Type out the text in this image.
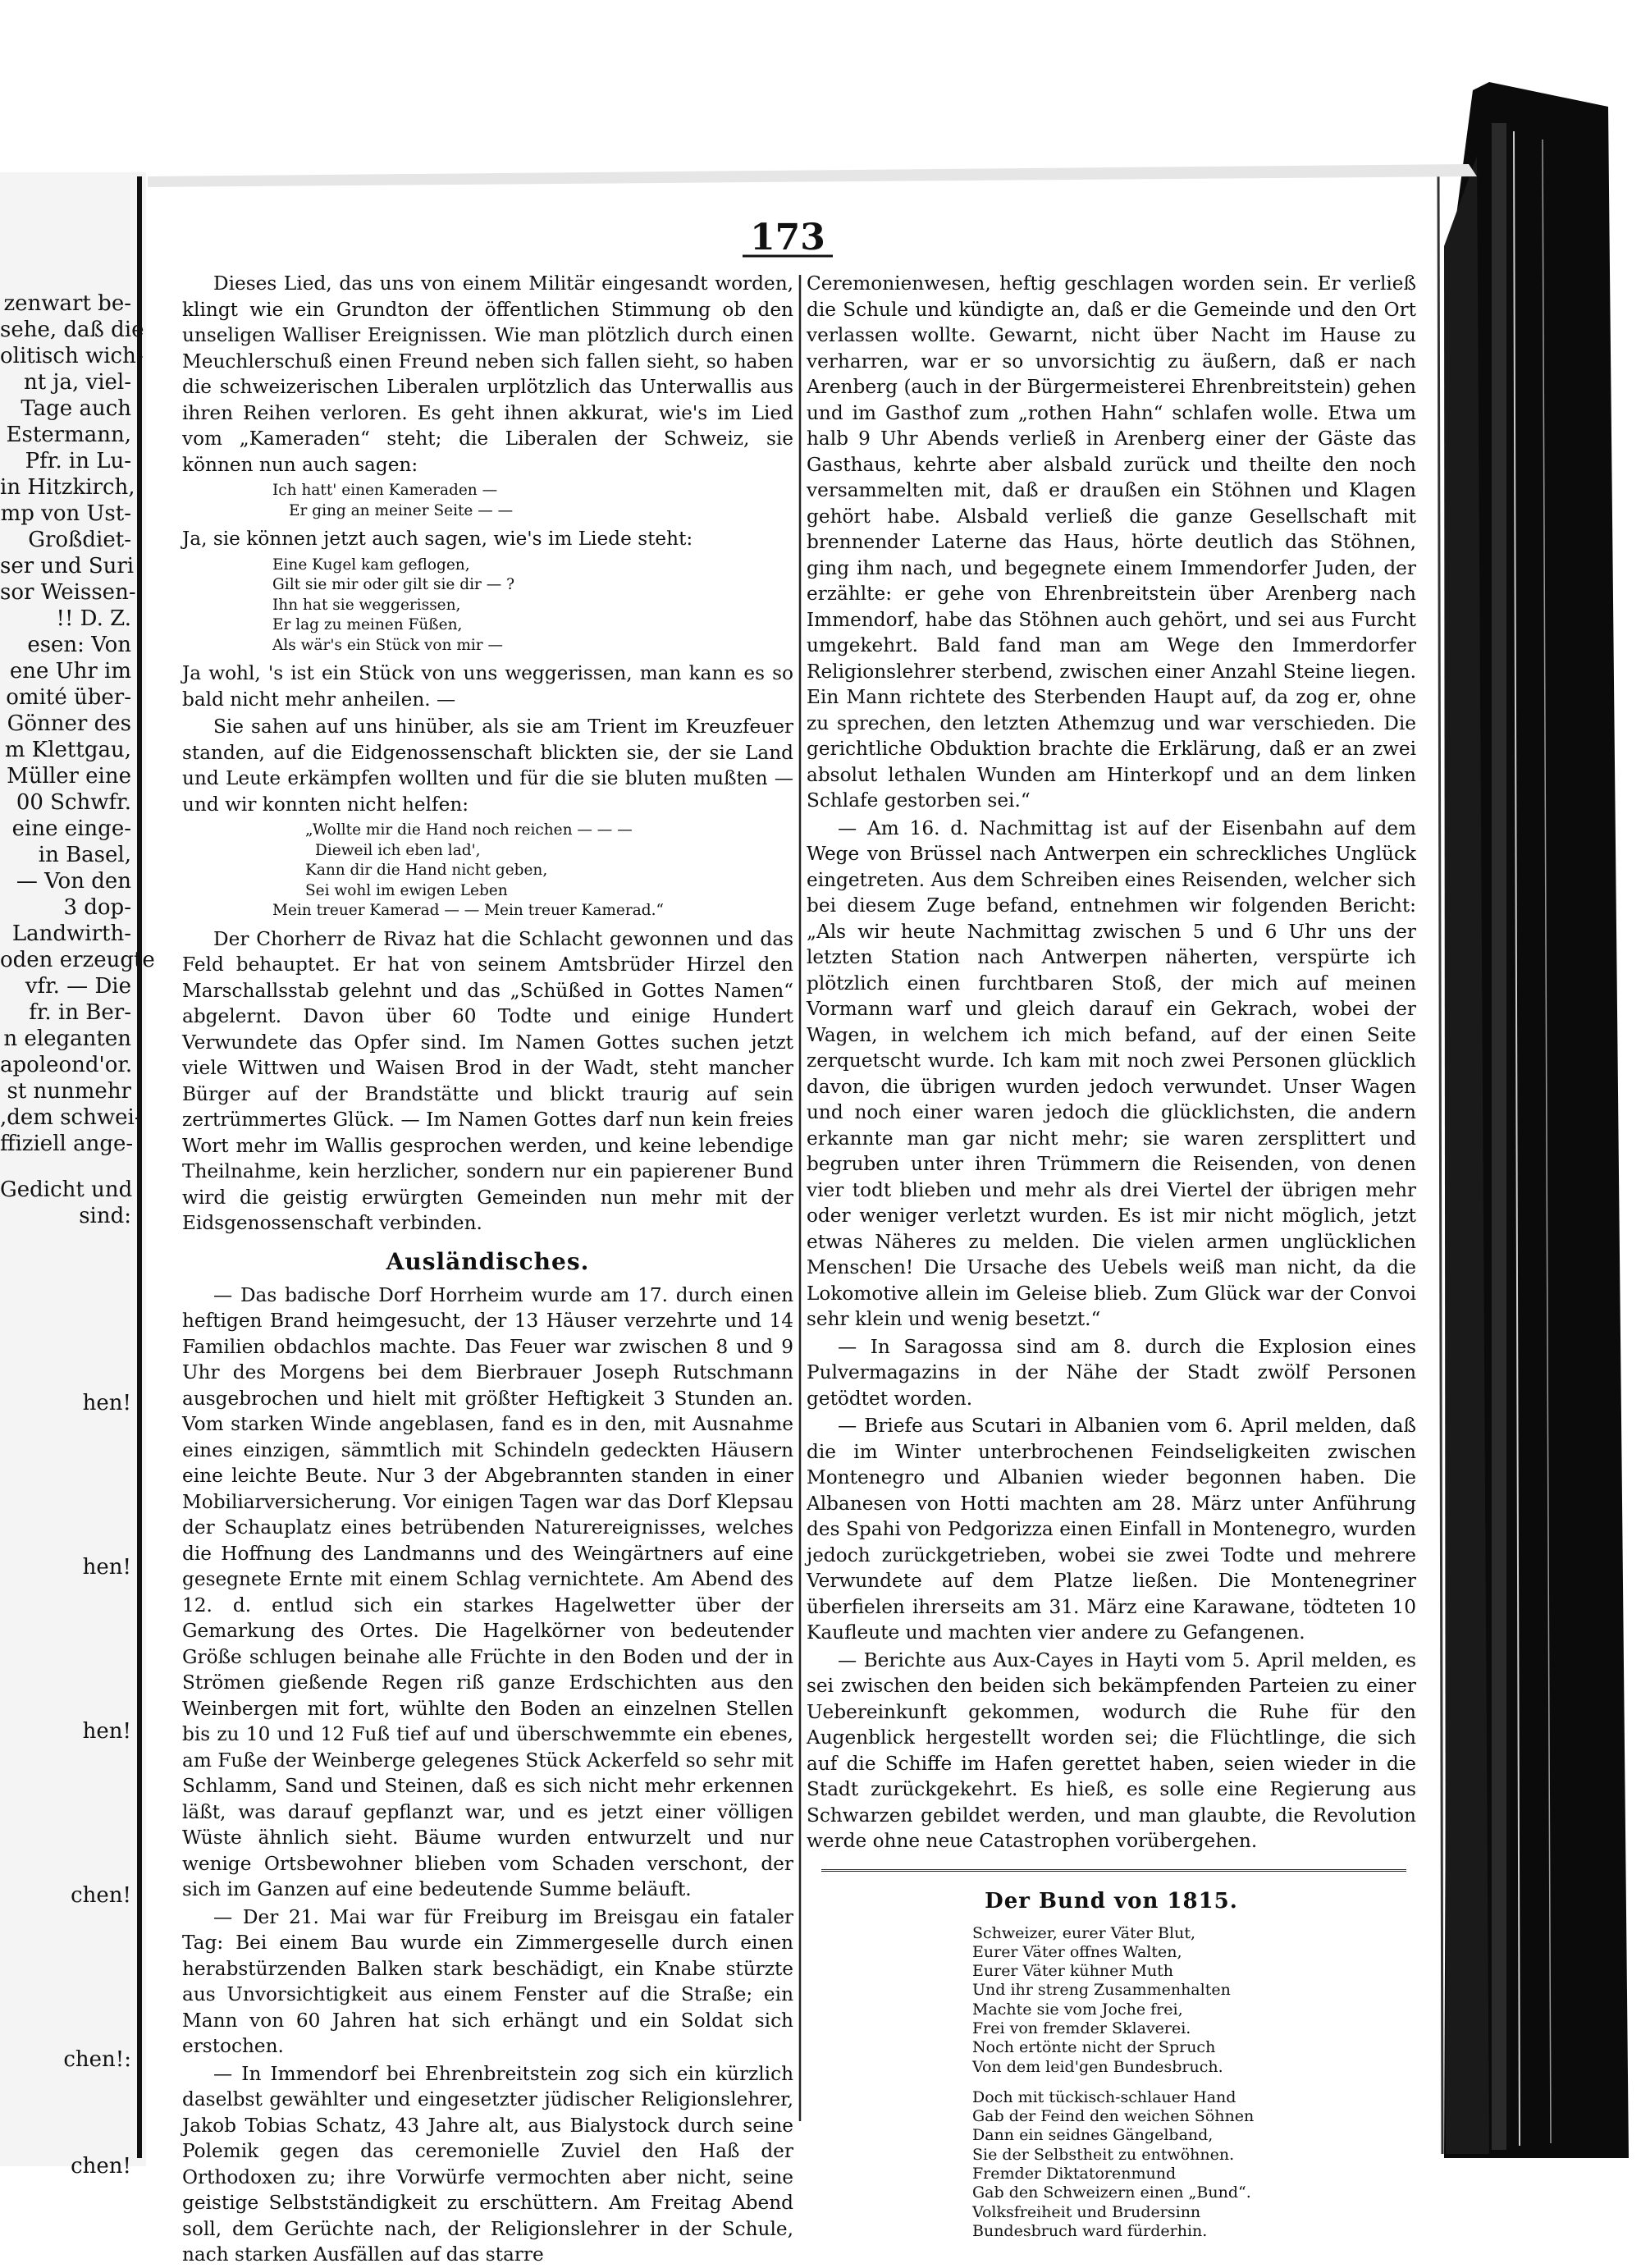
zenwart be-
sehe, daß die
olitisch wich-
nt ja, viel-
Tage auch
Estermann,
Pfr. in Lu-
in Hitzkirch,
mp von Ust-
Großdiet-
ser und Suri
sor Weissen-
!! D. Z.
esen: Von
ene Uhr im
omité über-
Gönner des
m Klettgau,
Müller eine
00 Schwfr.
eine einge-
in Basel,
— Von den
3 dop-
Landwirth-
oden erzeugte
vfr. — Die
fr. in Ber-
n eleganten
apoleond'or.
st nunmehr
,dem schwei-
ffiziell ange-
Gedicht und
sind:
hen!
hen!
hen!
chen!
chen!:
chen!
173

Dieses Lied, das uns von einem Militär eingesandt worden, klingt wie ein Grundton der öffentlichen Stimmung ob den unseligen Walliser Ereignissen. Wie man plötzlich durch einen Meuchlerschuß einen Freund neben sich fallen sieht, so haben die schweizerischen Liberalen urplötzlich das Unterwallis aus ihren Reihen verloren. Es geht ihnen akkurat, wie's im Lied vom „Kameraden“ steht; die Liberalen der Schweiz, sie können nun auch sagen:

Ich hatt' einen Kameraden —
Er ging an meiner Seite — —

Ja, sie können jetzt auch sagen, wie's im Liede steht:

Eine Kugel kam geflogen,
Gilt sie mir oder gilt sie dir — ?
Ihn hat sie weggerissen,
Er lag zu meinen Füßen,
Als wär's ein Stück von mir —

Ja wohl, 's ist ein Stück von uns weggerissen, man kann es so bald nicht mehr anheilen. —

Sie sahen auf uns hinüber, als sie am Trient im Kreuzfeuer standen, auf die Eidgenossenschaft blickten sie, der sie Land und Leute erkämpfen wollten und für die sie bluten mußten — und wir konnten nicht helfen:

„Wollte mir die Hand noch reichen — — —
Dieweil ich eben lad',
Kann dir die Hand nicht geben,
Sei wohl im ewigen Leben
Mein treuer Kamerad — — Mein treuer Kamerad.“

Der Chorherr de Rivaz hat die Schlacht gewonnen und das Feld behauptet. Er hat von seinem Amtsbrüder Hirzel den Marschallsstab gelehnt und das „Schüßed in Gottes Namen“ abgelernt. Davon über 60 Todte und einige Hundert Verwundete das Opfer sind. Im Namen Gottes suchen jetzt viele Wittwen und Waisen Brod in der Wadt, steht mancher Bürger auf der Brandstätte und blickt traurig auf sein zertrümmertes Glück. — Im Namen Gottes darf nun kein freies Wort mehr im Wallis gesprochen werden, und keine lebendige Theilnahme, kein herzlicher, sondern nur ein papierener Bund wird die geistig erwürgten Gemeinden nun mehr mit der Eidsgenossenschaft verbinden.

Ausländisches.

— Das badische Dorf Horrheim wurde am 17. durch einen heftigen Brand heimgesucht, der 13 Häuser verzehrte und 14 Familien obdachlos machte. Das Feuer war zwischen 8 und 9 Uhr des Morgens bei dem Bierbrauer Joseph Rutschmann ausgebrochen und hielt mit größter Heftigkeit 3 Stunden an. Vom starken Winde angeblasen, fand es in den, mit Ausnahme eines einzigen, sämmtlich mit Schindeln gedeckten Häusern eine leichte Beute. Nur 3 der Abgebrannten standen in einer Mobiliarversicherung. Vor einigen Tagen war das Dorf Klepsau der Schauplatz eines betrübenden Naturereignisses, welches die Hoffnung des Landmanns und des Weingärtners auf eine gesegnete Ernte mit einem Schlag vernichtete. Am Abend des 12. d. entlud sich ein starkes Hagelwetter über der Gemarkung des Ortes. Die Hagelkörner von bedeutender Größe schlugen beinahe alle Früchte in den Boden und der in Strömen gießende Regen riß ganze Erdschichten aus den Weinbergen mit fort, wühlte den Boden an einzelnen Stellen bis zu 10 und 12 Fuß tief auf und überschwemmte ein ebenes, am Fuße der Weinberge gelegenes Stück Ackerfeld so sehr mit Schlamm, Sand und Steinen, daß es sich nicht mehr erkennen läßt, was darauf gepflanzt war, und es jetzt einer völligen Wüste ähnlich sieht. Bäume wurden entwurzelt und nur wenige Ortsbewohner blieben vom Schaden verschont, der sich im Ganzen auf eine bedeutende Summe beläuft.

— Der 21. Mai war für Freiburg im Breisgau ein fataler Tag: Bei einem Bau wurde ein Zimmergeselle durch einen herabstürzenden Balken stark beschädigt, ein Knabe stürzte aus Unvorsichtigkeit aus einem Fenster auf die Straße; ein Mann von 60 Jahren hat sich erhängt und ein Soldat sich erstochen.

— In Immendorf bei Ehrenbreitstein zog sich ein kürzlich daselbst gewählter und eingesetzter jüdischer Religionslehrer, Jakob Tobias Schatz, 43 Jahre alt, aus Bialystock durch seine Polemik gegen das ceremonielle Zuviel den Haß der Orthodoxen zu; ihre Vorwürfe vermochten aber nicht, seine geistige Selbstständigkeit zu erschüttern. Am Freitag Abend soll, dem Gerüchte nach, der Religionslehrer in der Schule, nach starken Ausfällen auf das starre

Ceremonienwesen, heftig geschlagen worden sein. Er verließ die Schule und kündigte an, daß er die Gemeinde und den Ort verlassen wollte. Gewarnt, nicht über Nacht im Hause zu verharren, war er so unvorsichtig zu äußern, daß er nach Arenberg (auch in der Bürgermeisterei Ehrenbreitstein) gehen und im Gasthof zum „rothen Hahn“ schlafen wolle. Etwa um halb 9 Uhr Abends verließ in Arenberg einer der Gäste das Gasthaus, kehrte aber alsbald zurück und theilte den noch versammelten mit, daß er draußen ein Stöhnen und Klagen gehört habe. Alsbald verließ die ganze Gesellschaft mit brennender Laterne das Haus, hörte deutlich das Stöhnen, ging ihm nach, und begegnete einem Immendorfer Juden, der erzählte: er gehe von Ehrenbreitstein über Arenberg nach Immendorf, habe das Stöhnen auch gehört, und sei aus Furcht umgekehrt. Bald fand man am Wege den Immerdorfer Religionslehrer sterbend, zwischen einer Anzahl Steine liegen. Ein Mann richtete des Sterbenden Haupt auf, da zog er, ohne zu sprechen, den letzten Athemzug und war verschieden. Die gerichtliche Obduktion brachte die Erklärung, daß er an zwei absolut lethalen Wunden am Hinterkopf und an dem linken Schlafe gestorben sei.“

— Am 16. d. Nachmittag ist auf der Eisenbahn auf dem Wege von Brüssel nach Antwerpen ein schreckliches Unglück eingetreten. Aus dem Schreiben eines Reisenden, welcher sich bei diesem Zuge befand, entnehmen wir folgenden Bericht: „Als wir heute Nachmittag zwischen 5 und 6 Uhr uns der letzten Station nach Antwerpen näherten, verspürte ich plötzlich einen furchtbaren Stoß, der mich auf meinen Vormann warf und gleich darauf ein Gekrach, wobei der Wagen, in welchem ich mich befand, auf der einen Seite zerquetscht wurde. Ich kam mit noch zwei Personen glücklich davon, die übrigen wurden jedoch verwundet. Unser Wagen und noch einer waren jedoch die glücklichsten, die andern erkannte man gar nicht mehr; sie waren zersplittert und begruben unter ihren Trümmern die Reisenden, von denen vier todt blieben und mehr als drei Viertel der übrigen mehr oder weniger verletzt wurden. Es ist mir nicht möglich, jetzt etwas Näheres zu melden. Die vielen armen unglücklichen Menschen! Die Ursache des Uebels weiß man nicht, da die Lokomotive allein im Geleise blieb. Zum Glück war der Convoi sehr klein und wenig besetzt.“

— In Saragossa sind am 8. durch die Explosion eines Pulvermagazins in der Nähe der Stadt zwölf Personen getödtet worden.

— Briefe aus Scutari in Albanien vom 6. April melden, daß die im Winter unterbrochenen Feindseligkeiten zwischen Montenegro und Albanien wieder begonnen haben. Die Albanesen von Hotti machten am 28. März unter Anführung des Spahi von Pedgorizza einen Einfall in Montenegro, wurden jedoch zurückgetrieben, wobei sie zwei Todte und mehrere Verwundete auf dem Platze ließen. Die Montenegriner überfielen ihrerseits am 31. März eine Karawane, tödteten 10 Kaufleute und machten vier andere zu Gefangenen.

— Berichte aus Aux-Cayes in Hayti vom 5. April melden, es sei zwischen den beiden sich bekämpfenden Parteien zu einer Uebereinkunft gekommen, wodurch die Ruhe für den Augenblick hergestellt worden sei; die Flüchtlinge, die sich auf die Schiffe im Hafen gerettet haben, seien wieder in die Stadt zurückgekehrt. Es hieß, es solle eine Regierung aus Schwarzen gebildet werden, und man glaubte, die Revolution werde ohne neue Catastrophen vorübergehen.

Der Bund von 1815.
Schweizer, eurer Väter Blut,
Eurer Väter offnes Walten,
Eurer Väter kühner Muth
Und ihr streng Zusammenhalten
Machte sie vom Joche frei,
Frei von fremder Sklaverei.
Noch ertönte nicht der Spruch
Von dem leid'gen Bundesbruch.
Doch mit tückisch-schlauer Hand
Gab der Feind den weichen Söhnen
Dann ein seidnes Gängelband,
Sie der Selbstheit zu entwöhnen.
Fremder Diktatorenmund
Gab den Schweizern einen „Bund“.
Volksfreiheit und Brudersinn
Bundesbruch ward fürderhin.
